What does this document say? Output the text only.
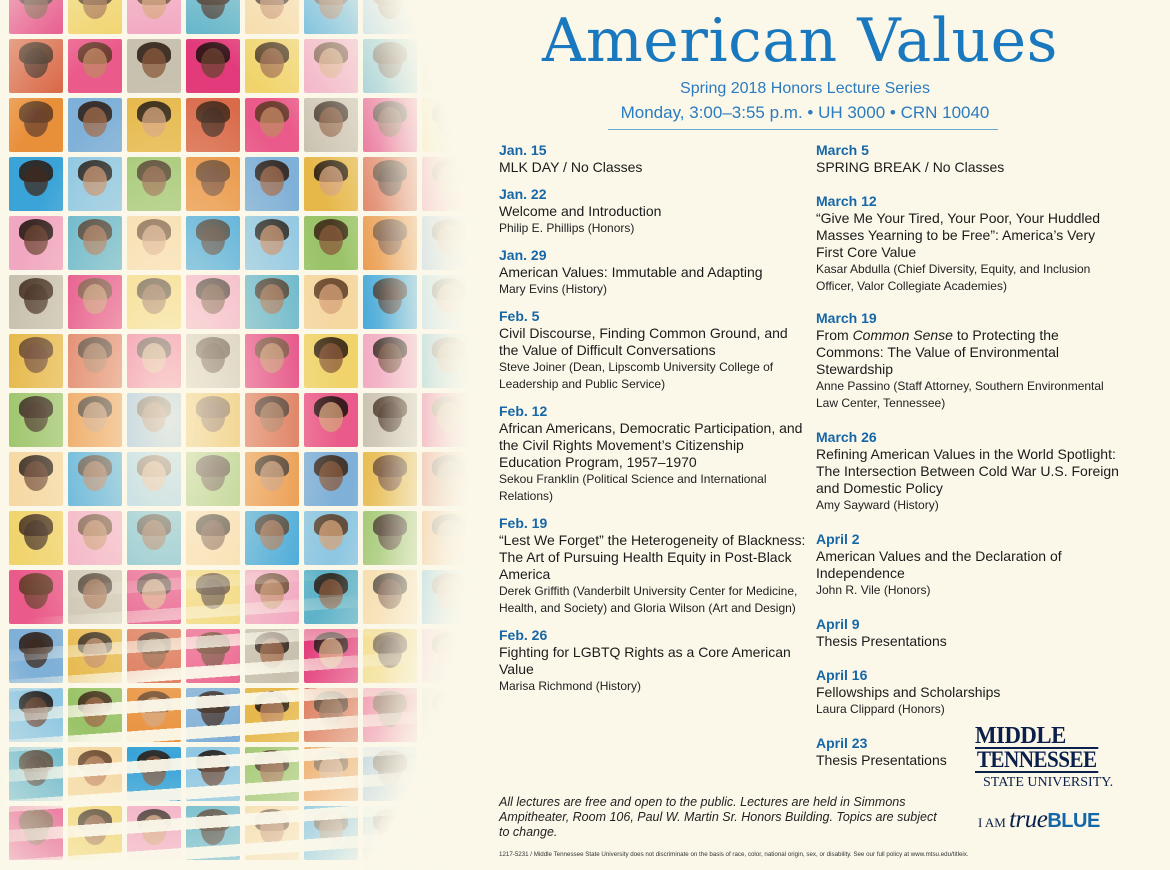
American Values
Spring 2018 Honors Lecture Series
Monday, 3:00–3:55 p.m. • UH 3000 • CRN 10040
Jan. 15
MLK DAY / No Classes
Jan. 22
Welcome and Introduction
Philip E. Phillips (Honors)
Jan. 29
American Values: Immutable and Adapting
Mary Evins (History)
Feb. 5
Civil Discourse, Finding Common Ground, and the Value of Difficult Conversations
Steve Joiner (Dean, Lipscomb University College of Leadership and Public Service)
Feb. 12
African Americans, Democratic Participation, and the Civil Rights Movement’s Citizenship Education Program, 1957–1970
Sekou Franklin (Political Science and International Relations)
Feb. 19
“Lest We Forget” the Heterogeneity of Blackness: The Art of Pursuing Health Equity in Post-Black America
Derek Griffith (Vanderbilt University Center for Medicine, Health, and Society) and Gloria Wilson (Art and Design)
Feb. 26
Fighting for LGBTQ Rights as a Core American Value
Marisa Richmond (History)
March 5
SPRING BREAK / No Classes
March 12
“Give Me Your Tired, Your Poor, Your Huddled Masses Yearning to be Free”: America’s Very First Core Value
Kasar Abdulla (Chief Diversity, Equity, and Inclusion Officer, Valor Collegiate Academies)
March 19
From Common Sense to Protecting the Commons: The Value of Environmental Stewardship
Anne Passino (Staff Attorney, Southern Environmental Law Center, Tennessee)
March 26
Refining American Values in the World Spotlight: The Intersection Between Cold War U.S. Foreign and Domestic Policy
Amy Sayward (History)
April 2
American Values and the Declaration of Independence
John R. Vile (Honors)
April 9
Thesis Presentations
April 16
Fellowships and Scholarships
Laura Clippard (Honors)
April 23
Thesis Presentations
All lectures are free and open to the public. Lectures are held in Simmons Ampitheater, Room 106, Paul W. Martin Sr. Honors Building. Topics are subject to change.
1217-5231 / Middle Tennessee State University does not discriminate on the basis of race, color, national origin, sex, or disability. See our full policy at www.mtsu.edu/titleix.
MIDDLE
TENNESSEE
STATE UNIVERSITY.
I AM trueBLUE
